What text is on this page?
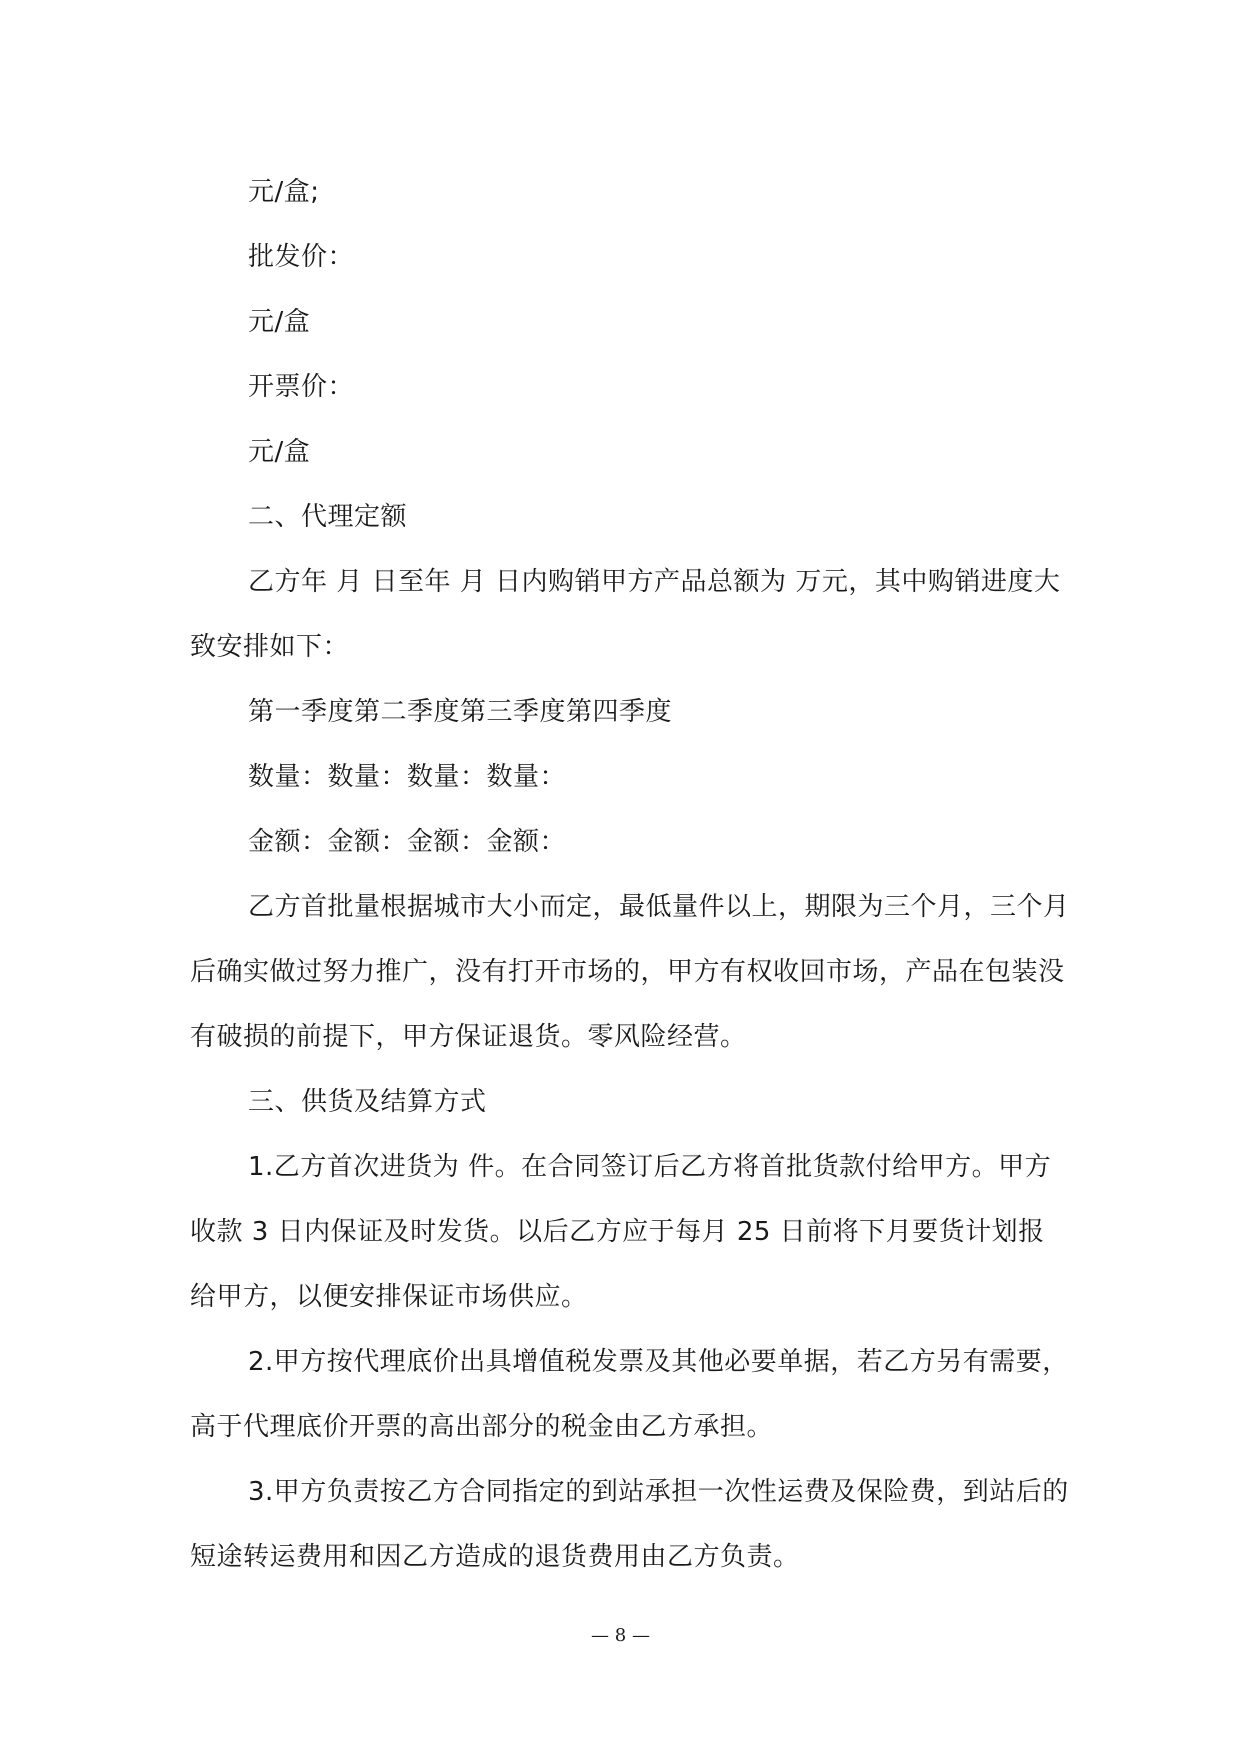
元/盒;

批发价：

元/盒

开票价：

元/盒

二、代理定额

乙方年 月 日至年 月 日内购销甲方产品总额为 万元，其中购销进度大致安排如下：

第一季度第二季度第三季度第四季度

数量：数量：数量：数量：

金额：金额：金额：金额：

乙方首批量根据城市大小而定，最低量件以上，期限为三个月，三个月后确实做过努力推广，没有打开市场的，甲方有权收回市场，产品在包装没有破损的前提下，甲方保证退货。零风险经营。

三、供货及结算方式

1.乙方首次进货为 件。在合同签订后乙方将首批货款付给甲方。甲方收款 3 日内保证及时发货。以后乙方应于每月 25 日前将下月要货计划报给甲方，以便安排保证市场供应。

2.甲方按代理底价出具增值税发票及其他必要单据，若乙方另有需要，高于代理底价开票的高出部分的税金由乙方承担。

3.甲方负责按乙方合同指定的到站承担一次性运费及保险费，到站后的短途转运费用和因乙方造成的退货费用由乙方负责。

— 8 —
